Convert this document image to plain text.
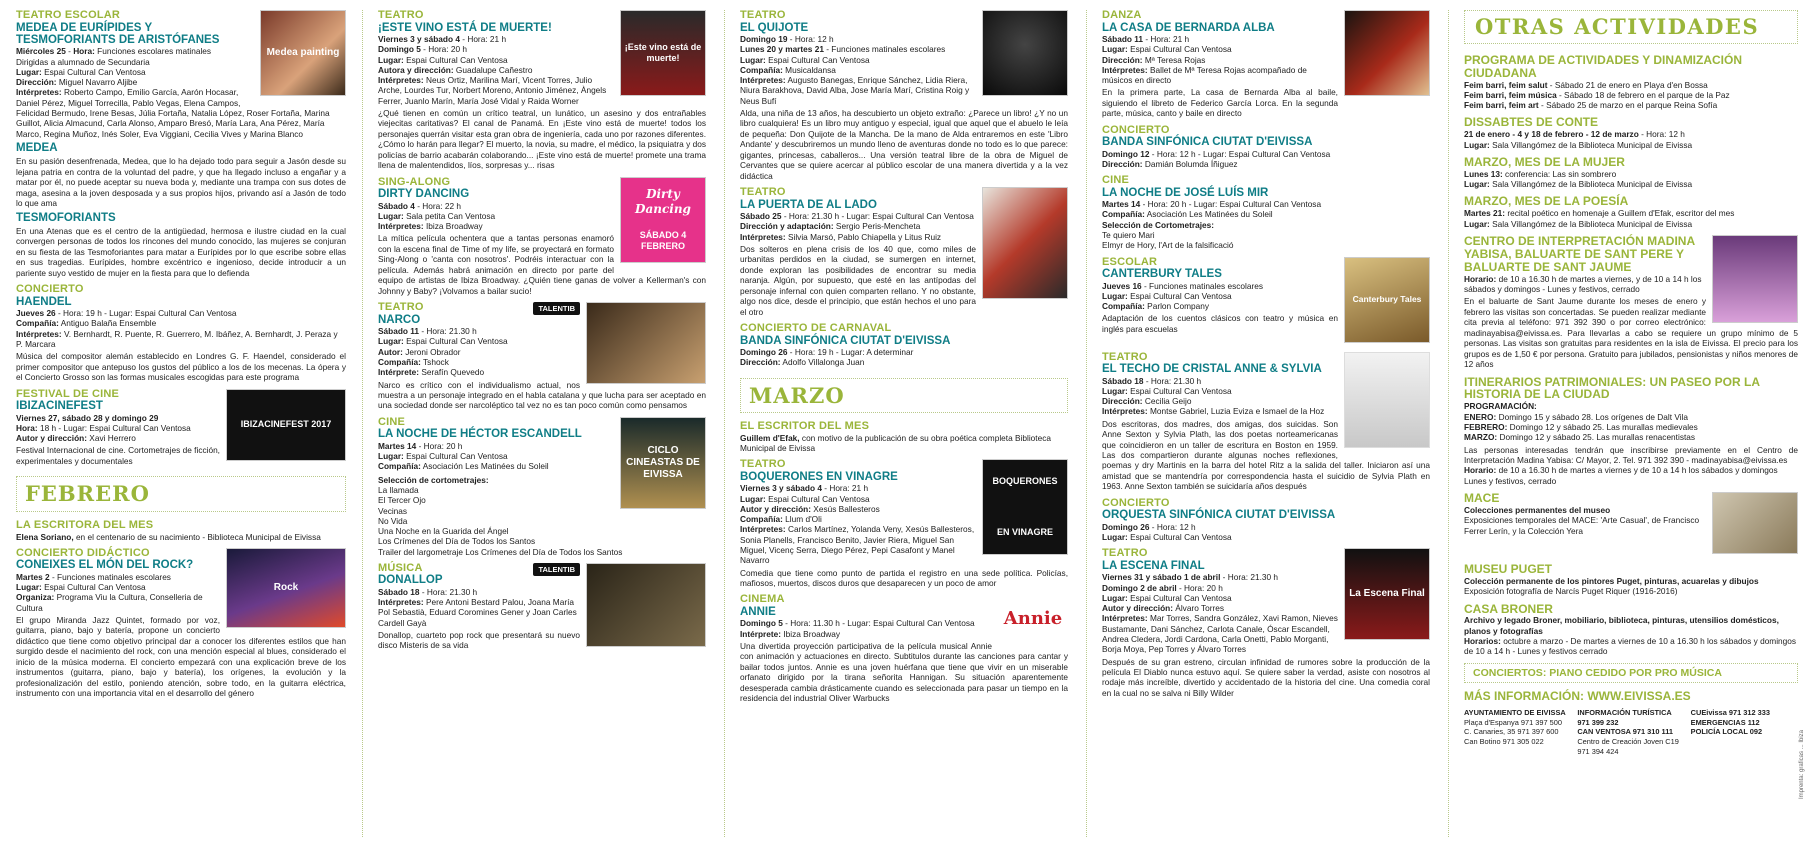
Medea painting
TEATRO ESCOLAR
MEDEA DE EURÍPIDES Y TESMOFORIANTS DE ARISTÓFANES
Miércoles 25 - Hora: Funciones escolares matinales
Dirigidas a alumnado de Secundaria
Lugar: Espai Cultural Can Ventosa
Dirección: Miguel Navarro Aljibe
Intérpretes: Roberto Campo, Emilio García, Aarón Hocasar, Daniel Pérez, Miguel Torrecilla, Pablo Vegas, Elena Campos, Felicidad Bermudo, Irene Besas, Júlia Fortaña, Natalia López, Roser Fortaña, Marina Guillot, Alicia Almacund, Carla Alonso, Amparo Bresó, María Lara, Ana Pérez, María Marco, Regina Muñoz, Inés Soler, Eva Viggiani, Cecilia Vives y Marina Blanco
MEDEA
En su pasión desenfrenada, Medea, que lo ha dejado todo para seguir a Jasón desde su lejana patria en contra de la voluntad del padre, y que ha llegado incluso a engañar y a matar por él, no puede aceptar su nueva boda y, mediante una trampa con sus dotes de maga, asesina a la joven desposada y a sus propios hijos, privando así a Jasón de todo lo que ama
TESMOFORIANTS
En una Atenas que es el centro de la antigüedad, hermosa e ilustre ciudad en la cual convergen personas de todos los rincones del mundo conocido, las mujeres se conjuran en su fiesta de las Tesmoforiantes para matar a Eurípides por lo que escribe sobre ellas en sus tragedias. Eurípides, hombre excéntrico e ingenioso, decide introducir a un pariente suyo vestido de mujer en la fiesta para que lo defienda
CONCIERTO
HAENDEL
Jueves 26 - Hora: 19 h - Lugar: Espai Cultural Can Ventosa
Compañía: Antiguo Balaña Ensemble
Intérpretes: V. Bernhardt, R. Puente, R. Guerrero, M. Ibáñez, A. Bernhardt, J. Peraza y P. Marcara
Música del compositor alemán establecido en Londres G. F. Haendel, considerado el primer compositor que antepuso los gustos del público a los de los mecenas. La ópera y el Concierto Grosso son las formas musicales escogidas para este programa
IBIZACINEFEST 2017
FESTIVAL DE CINE
IBIZACINEFEST
Viernes 27, sábado 28 y domingo 29
Hora: 18 h - Lugar: Espai Cultural Can Ventosa
Autor y dirección: Xavi Herrero
Festival Internacional de cine. Cortometrajes de ficción, experimentales y documentales
FEBRERO
LA ESCRITORA DEL MES
Elena Soriano, en el centenario de su nacimiento - Biblioteca Municipal de Eivissa
Rock
CONCIERTO DIDÁCTICO
CONEIXES EL MÓN DEL ROCK?
Martes 2 - Funciones matinales escolares
Lugar: Espai Cultural Can Ventosa
Organiza: Programa Viu la Cultura, Conselleria de Cultura
El grupo Miranda Jazz Quintet, formado por voz, guitarra, piano, bajo y batería, propone un concierto didáctico que tiene como objetivo principal dar a conocer los diferentes estilos que han surgido desde el nacimiento del rock, con una mención especial al blues, considerado el inicio de la música moderna. El concierto empezará con una explicación breve de los instrumentos (guitarra, piano, bajo y batería), los orígenes, la evolución y la profesionalización del estilo, poniendo atención, sobre todo, en la guitarra eléctrica, instrumento con una importancia vital en el desarrollo del género
¡Este vino está de muerte!
TEATRO
¡ESTE VINO ESTÁ DE MUERTE!
Viernes 3 y sábado 4 - Hora: 21 h
Domingo 5 - Hora: 20 h
Lugar: Espai Cultural Can Ventosa
Autora y dirección: Guadalupe Cañestro
Intérpretes: Neus Ortiz, Marilina Marí, Vicent Torres, Julio Arche, Lourdes Tur, Norbert Moreno, Antonio Jiménez, Àngels Ferrer, Juanlo Marín, María José Vidal y Raida Worner
¿Qué tienen en común un crítico teatral, un lunático, un asesino y dos entrañables viejecitas caritativas? El canal de Panamá. En ¡Este vino está de muerte! todos los personajes querrán visitar esta gran obra de ingeniería, cada uno por razones diferentes. ¿Cómo lo harán para llegar? El muerto, la novia, su madre, el médico, la psiquiatra y dos policías de barrio acabarán colaborando... ¡Este vino está de muerte! promete una trama llena de malentendidos, líos, sorpresas y... risas
Dirty Dancing
SÁBADO 4 FEBRERO
SING-ALONG
DIRTY DANCING
Sábado 4 - Hora: 22 h
Lugar: Sala petita Can Ventosa
Intérpretes: Ibiza Broadway
La mítica película ochentera que a tantas personas enamoró con la escena final de Time of my life, se proyectará en formato Sing-Along o 'canta con nosotros'. Podréis interactuar con la película. Además habrá animación en directo por parte del equipo de artistas de Ibiza Broadway. ¿Quién tiene ganas de volver a Kellerman's con Johnny y Baby? ¡Volvamos a bailar sucio!
TALENTIB
TEATRO
NARCO
Sábado 11 - Hora: 21.30 h
Lugar: Espai Cultural Can Ventosa
Autor: Jeroni Obrador
Compañía: Tshock
Intérprete: Serafín Quevedo
Narco es crítico con el individualismo actual, nos muestra a un personaje integrado en el habla catalana y que lucha para ser aceptado en una sociedad donde ser narcoléptico tal vez no es tan poco común como pensamos
CICLO CINEASTAS DE EIVISSA
CINE
LA NOCHE DE HÉCTOR ESCANDELL
Martes 14 - Hora: 20 h
Lugar: Espai Cultural Can Ventosa
Compañía: Asociación Les Matinées du Soleil
Selección de cortometrajes:
La llamada
El Tercer Ojo
Vecinas
No Vida
Una Noche en la Guarida del Ángel
Los Crímenes del Día de Todos los Santos
Trailer del largometraje Los Crímenes del Día de Todos los Santos
TALENTIB
MÚSICA
DONALLOP
Sábado 18 - Hora: 21.30 h
Intérpretes: Pere Antoni Bestard Palou, Joana María Pol Sebastià, Eduard Coromines Gener y Joan Carles Cardell Gayà
Donallop, cuarteto pop rock que presentará su nuevo disco Misteris de sa vida
TEATRO
EL QUIJOTE
Domingo 19 - Hora: 12 h
Lunes 20 y martes 21 - Funciones matinales escolares
Lugar: Espai Cultural Can Ventosa
Compañía: Musicaldansa
Intérpretes: Augusto Banegas, Enrique Sánchez, Lidia Riera, Niura Barakhova, David Alba, Jose María Marí, Cristina Roig y Neus Bufí
Alda, una niña de 13 años, ha descubierto un objeto extraño: ¿Parece un libro! ¿Y no un libro cualquiera! Es un libro muy antiguo y especial, igual que aquel que el abuelo le leía de pequeña: Don Quijote de la Mancha. De la mano de Alda entraremos en este 'Libro Andante' y descubriremos un mundo lleno de aventuras donde no todo es lo que parece: gigantes, princesas, caballeros... Una versión teatral libre de la obra de Miguel de Cervantes que se quiere acercar al público escolar de una manera divertida y a la vez didáctica
TEATRO
LA PUERTA DE AL LADO
Sábado 25 - Hora: 21.30 h - Lugar: Espai Cultural Can Ventosa
Dirección y adaptación: Sergio Peris-Mencheta
Intérpretes: Silvia Marsó, Pablo Chiapella y Litus Ruiz
Dos solteros en plena crisis de los 40 que, como miles de urbanitas perdidos en la ciudad, se sumergen en internet, donde exploran las posibilidades de encontrar su media naranja. Algún, por supuesto, que esté en las antípodas del personaje infernal con quien comparten rellano. Y no obstante, algo nos dice, desde el principio, que están hechos el uno para el otro
CONCIERTO DE CARNAVAL
BANDA SINFÓNICA CIUTAT D'EIVISSA
Domingo 26 - Hora: 19 h - Lugar: A determinar
Dirección: Adolfo Villalonga Juan
MARZO
EL ESCRITOR DEL MES
Guillem d'Efak, con motivo de la publicación de su obra poética completa Biblioteca Municipal de Eivissa
BOQUERONES
EN VINAGRE
TEATRO
BOQUERONES EN VINAGRE
Viernes 3 y sábado 4 - Hora: 21 h
Lugar: Espai Cultural Can Ventosa
Autor y dirección: Xesús Ballesteros
Compañía: Llum d'Oli
Intérpretes: Carlos Martínez, Yolanda Veny, Xesús Ballesteros, Sonia Planells, Francisco Benito, Javier Riera, Miguel San Miguel, Vicenç Serra, Diego Pérez, Pepi Casafont y Manel Navarro
Comedia que tiene como punto de partida el registro en una sede política. Policías, mafiosos, muertos, discos duros que desaparecen y un poco de amor
Annie
CINEMA
ANNIE
Domingo 5 - Hora: 11.30 h - Lugar: Espai Cultural Can Ventosa
Intérprete: Ibiza Broadway
Una divertida proyección participativa de la película musical Annie con animación y actuaciones en directo. Subtitulos durante las canciones para cantar y bailar todos juntos. Annie es una joven huérfana que tiene que vivir en un miserable orfanato dirigido por la tirana señorita Hannigan. Su situación aparentemente desesperada cambia drásticamente cuando es seleccionada para pasar un tiempo en la residencia del industrial Oliver Warbucks
DANZA
LA CASA DE BERNARDA ALBA
Sábado 11 - Hora: 21 h
Lugar: Espai Cultural Can Ventosa
Dirección: Mª Teresa Rojas
Intérpretes: Ballet de Mª Teresa Rojas acompañado de músicos en directo
En la primera parte, La casa de Bernarda Alba al baile, siguiendo el libreto de Federico García Lorca. En la segunda parte, música, canto y baile en directo
CONCIERTO
BANDA SINFÓNICA CIUTAT D'EIVISSA
Domingo 12 - Hora: 12 h - Lugar: Espai Cultural Can Ventosa
Dirección: Damián Bolumda Íñiguez
CINE
LA NOCHE DE JOSÉ LUÍS MIR
Martes 14 - Hora: 20 h - Lugar: Espai Cultural Can Ventosa
Compañía: Asociación Les Matinées du Soleil
Selección de Cortometrajes:
Te quiero Mari
Elmyr de Hory, l'Art de la falsificació
Canterbury Tales
ESCOLAR
CANTERBURY TALES
Jueves 16 - Funciones matinales escolares
Lugar: Espai Cultural Can Ventosa
Compañía: Parlon Company
Adaptación de los cuentos clásicos con teatro y música en inglés para escuelas
TEATRO
EL TECHO DE CRISTAL ANNE & SYLVIA
Sábado 18 - Hora: 21.30 h
Lugar: Espai Cultural Can Ventosa
Dirección: Cecilia Geijo
Intérpretes: Montse Gabriel, Luzia Eviza e Ismael de la Hoz
Dos escritoras, dos madres, dos amigas, dos suicidas. Son Anne Sexton y Sylvia Plath, las dos poetas norteamericanas que coincidieron en un taller de escritura en Boston en 1959. Las dos compartieron durante algunas noches reflexiones, poemas y dry Martinis en la barra del hotel Ritz a la salida del taller. Iniciaron así una amistad que se mantendría por correspondencia hasta el suicidio de Sylvia Plath en 1963. Anne Sexton también se suicidaría años después
CONCIERTO
ORQUESTA SINFÓNICA CIUTAT D'EIVISSA
Domingo 26 - Hora: 12 h
Lugar: Espai Cultural Can Ventosa
La Escena Final
TEATRO
LA ESCENA FINAL
Viernes 31 y sábado 1 de abril - Hora: 21.30 h
Domingo 2 de abril - Hora: 20 h
Lugar: Espai Cultural Can Ventosa
Autor y dirección: Álvaro Torres
Intérpretes: Mar Torres, Sandra González, Xavi Ramon, Nieves Bustamante, Dani Sánchez, Carlota Canale, Óscar Escandell, Andrea Cledera, Jordi Cardona, Carla Onetti, Pablo Morganti, Borja Moya, Pep Torres y Álvaro Torres
Después de su gran estreno, circulan infinidad de rumores sobre la producción de la película El Diablo nunca estuvo aquí. Se quiere saber la verdad, asiste con nosotros al rodaje más increíble, divertido y accidentado de la historia del cine. Una comedia coral en la cual no se salva ni Billy Wilder
OTRAS ACTIVIDADES
PROGRAMA DE ACTIVIDADES Y DINAMIZACIÓN CIUDADANA
Feim barri, feim salut - Sábado 21 de enero en Playa d'en Bossa
Feim barri, feim música - Sábado 18 de febrero en el parque de la Paz
Feim barri, feim art - Sábado 25 de marzo en el parque Reina Sofía
DISSABTES DE CONTE
21 de enero - 4 y 18 de febrero - 12 de marzo - Hora: 12 h
Lugar: Sala Villangómez de la Biblioteca Municipal de Eivissa
MARZO, MES DE LA MUJER
Lunes 13: conferencia: Las sin sombrero
Lugar: Sala Villangómez de la Biblioteca Municipal de Eivissa
MARZO, MES DE LA POESÍA
Martes 21: recital poético en homenaje a Guillem d'Efak, escritor del mes
Lugar: Sala Villangómez de la Biblioteca Municipal de Eivissa
CENTRO DE INTERPRETACIÓN MADINA YABISA, BALUARTE DE SANT PERE Y BALUARTE DE SANT JAUME
Horario: de 10 a 16.30 h de martes a viernes, y de 10 a 14 h los sábados y domingos - Lunes y festivos, cerrado
En el baluarte de Sant Jaume durante los meses de enero y febrero las visitas son concertadas. Se pueden realizar mediante cita previa al teléfono: 971 392 390 o por correo electrónico: madinayabisa@eivissa.es. Para llevarlas a cabo se requiere un grupo mínimo de 5 personas. Las visitas son gratuitas para residentes en la isla de Eivissa. El precio para los grupos es de 1,50 € por persona. Gratuito para jubilados, pensionistas y niños menores de 12 años
ITINERARIOS PATRIMONIALES: UN PASEO POR LA HISTORIA DE LA CIUDAD
PROGRAMACIÓN:
ENERO: Domingo 15 y sábado 28. Los orígenes de Dalt Vila
FEBRERO: Domingo 12 y sábado 25. Las murallas medievales
MARZO: Domingo 12 y sábado 25. Las murallas renacentistas
Las personas interesadas tendrán que inscribirse previamente en el Centro de Interpretación Madina Yabisa: C/ Mayor, 2. Tel. 971 392 390 - madinayabisa@eivissa.es
Horario: de 10 a 16.30 h de martes a viernes y de 10 a 14 h los sábados y domingos Lunes y festivos, cerrado
MACE
Colecciones permanentes del museo
Exposiciones temporales del MACE: 'Arte Casual', de Francisco Ferrer Lerín, y la Colección Yera
MUSEU PUGET
Colección permanente de los pintores Puget, pinturas, acuarelas y dibujos
Exposición fotografía de Narcís Puget Riquer (1916-2016)
CASA BRONER
Archivo y legado Broner, mobiliario, biblioteca, pinturas, utensilios domésticos, planos y fotografías
Horarios: octubre a marzo - De martes a viernes de 10 a 16.30 h los sábados y domingos de 10 a 14 h - Lunes y festivos cerrado
CONCIERTOS: PIANO CEDIDO POR PRO MÚSICA
MÁS INFORMACIÓN: WWW.EIVISSA.ES
AYUNTAMIENTO DE EIVISSA
Plaça d'Espanya 971 397 500
C. Canaries, 35 971 397 600
Can Botino 971 305 022
INFORMACIÓN TURÍSTICA 971 399 232
CAN VENTOSA 971 310 111
Centro de Creación Joven C19 971 394 424
CUEivissa 971 312 333
EMERGENCIAS 112
POLICÍA LOCAL 092	Imprenta: graficas ... Ibiza
